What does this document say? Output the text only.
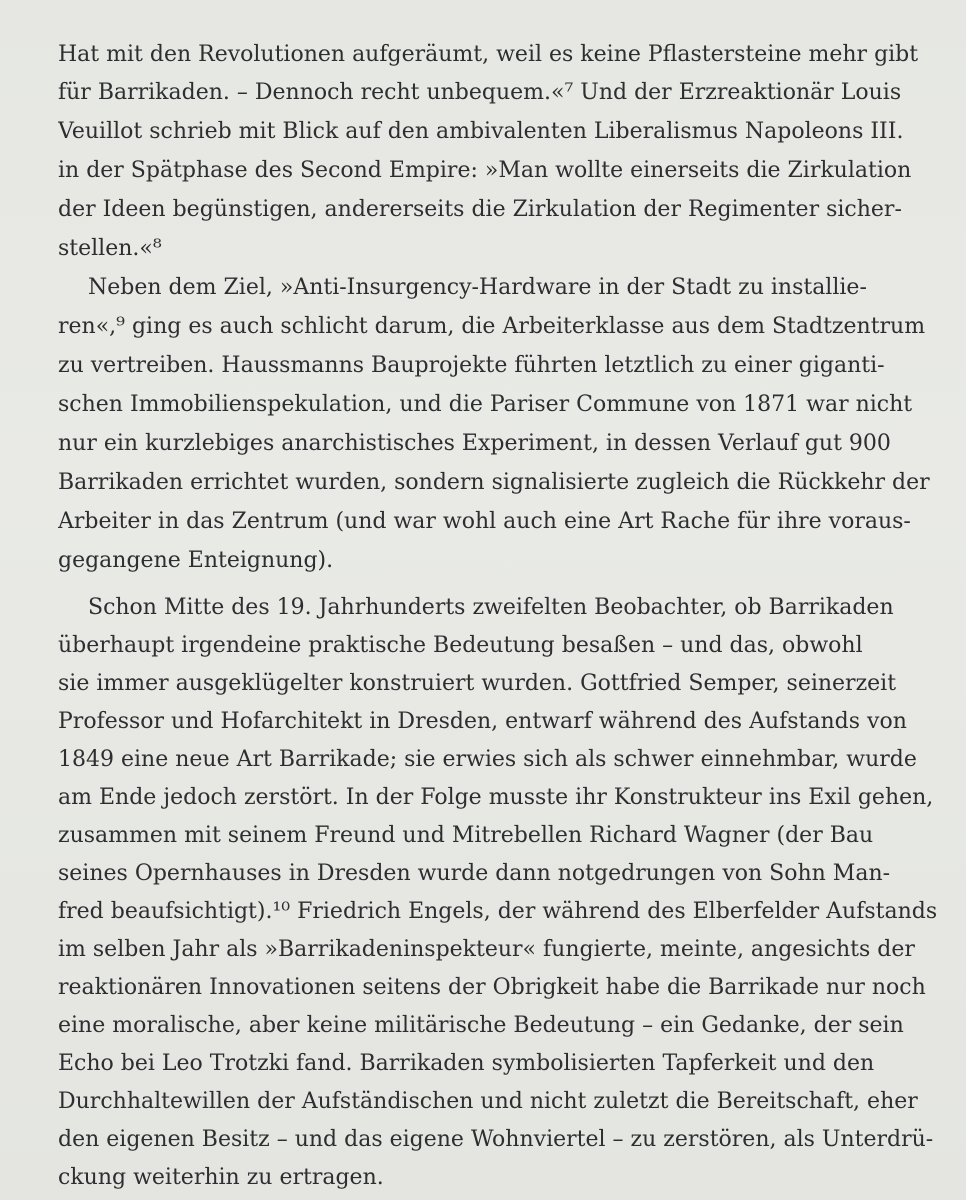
Hat mit den Revolutionen aufgeräumt, weil es keine Pflastersteine mehr gibt
für Barrikaden. – Dennoch recht unbequem.«⁷ Und der Erzreaktionär Louis
Veuillot schrieb mit Blick auf den ambivalenten Liberalismus Napoleons III.
in der Spätphase des Second Empire: »Man wollte einerseits die Zirkulation
der Ideen begünstigen, andererseits die Zirkulation der Regimenter sicher-
stellen.«⁸
Neben dem Ziel, »Anti-Insurgency-Hardware in der Stadt zu installie-
ren«,⁹ ging es auch schlicht darum, die Arbeiterklasse aus dem Stadtzentrum
zu vertreiben. Haussmanns Bauprojekte führten letztlich zu einer giganti-
schen Immobilienspekulation, und die Pariser Commune von 1871 war nicht
nur ein kurzlebiges anarchistisches Experiment, in dessen Verlauf gut 900
Barrikaden errichtet wurden, sondern signalisierte zugleich die Rückkehr der
Arbeiter in das Zentrum (und war wohl auch eine Art Rache für ihre voraus-
gegangene Enteignung).
Schon Mitte des 19. Jahrhunderts zweifelten Beobachter, ob Barrikaden
überhaupt irgendeine praktische Bedeutung besaßen – und das, obwohl
sie immer ausgeklügelter konstruiert wurden. Gottfried Semper, seinerzeit
Professor und Hofarchitekt in Dresden, entwarf während des Aufstands von
1849 eine neue Art Barrikade; sie erwies sich als schwer einnehmbar, wurde
am Ende jedoch zerstört. In der Folge musste ihr Konstrukteur ins Exil gehen,
zusammen mit seinem Freund und Mitrebellen Richard Wagner (der Bau
seines Opernhauses in Dresden wurde dann notgedrungen von Sohn Man-
fred beaufsichtigt).¹⁰ Friedrich Engels, der während des Elberfelder Aufstands
im selben Jahr als »Barrikadeninspekteur« fungierte, meinte, angesichts der
reaktionären Innovationen seitens der Obrigkeit habe die Barrikade nur noch
eine moralische, aber keine militärische Bedeutung – ein Gedanke, der sein
Echo bei Leo Trotzki fand. Barrikaden symbolisierten Tapferkeit und den
Durchhaltewillen der Aufständischen und nicht zuletzt die Bereitschaft, eher
den eigenen Besitz – und das eigene Wohnviertel – zu zerstören, als Unterdrü-
ckung weiterhin zu ertragen.
